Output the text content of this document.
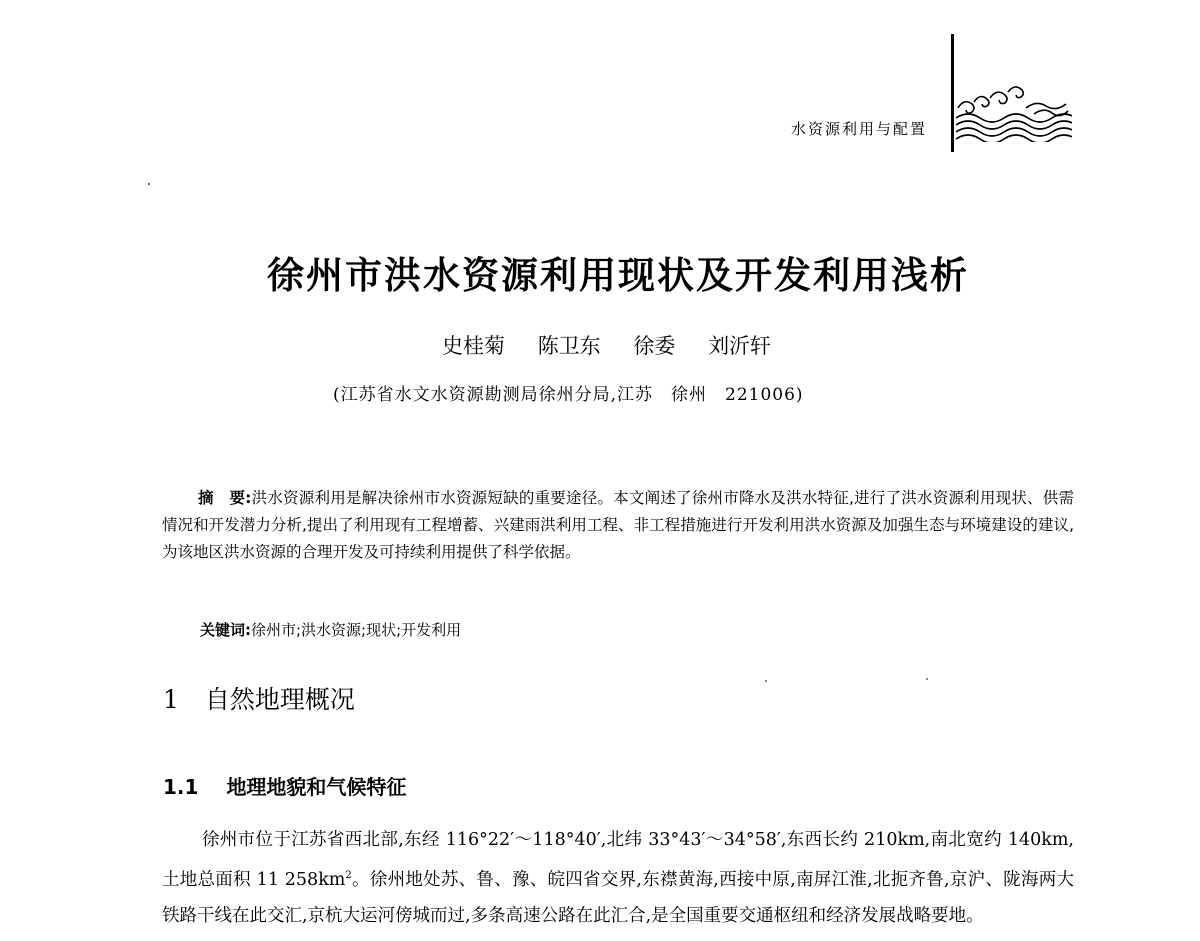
水资源利用与配置
徐州市洪水资源利用现状及开发利用浅析
史桂菊 陈卫东 徐委 刘沂轩
(江苏省水文水资源勘测局徐州分局,江苏　徐州　221006)
摘　要:洪水资源利用是解决徐州市水资源短缺的重要途径。本文阐述了徐州市降水及洪水特征,进行了洪水资源利用现状、供需情况和开发潜力分析,提出了利用现有工程增蓄、兴建雨洪利用工程、非工程措施进行开发利用洪水资源及加强生态与环境建设的建议,为该地区洪水资源的合理开发及可持续利用提供了科学依据。
关键词:徐州市;洪水资源;现状;开发利用
1 自然地理概况
1.1 地理地貌和气候特征
徐州市位于江苏省西北部,东经 116°22′～118°40′,北纬 33°43′～34°58′,东西长约 210km,南北宽约 140km,土地总面积 11 $258km^2$。徐州地处苏、鲁、豫、皖四省交界,东襟黄海,西接中原,南屏江淮,北扼齐鲁,京沪、陇海两大铁路干线在此交汇,京杭大运河傍城而过,多条高速公路在此汇合,是全国重要交通枢纽和经济发展战略要地。
